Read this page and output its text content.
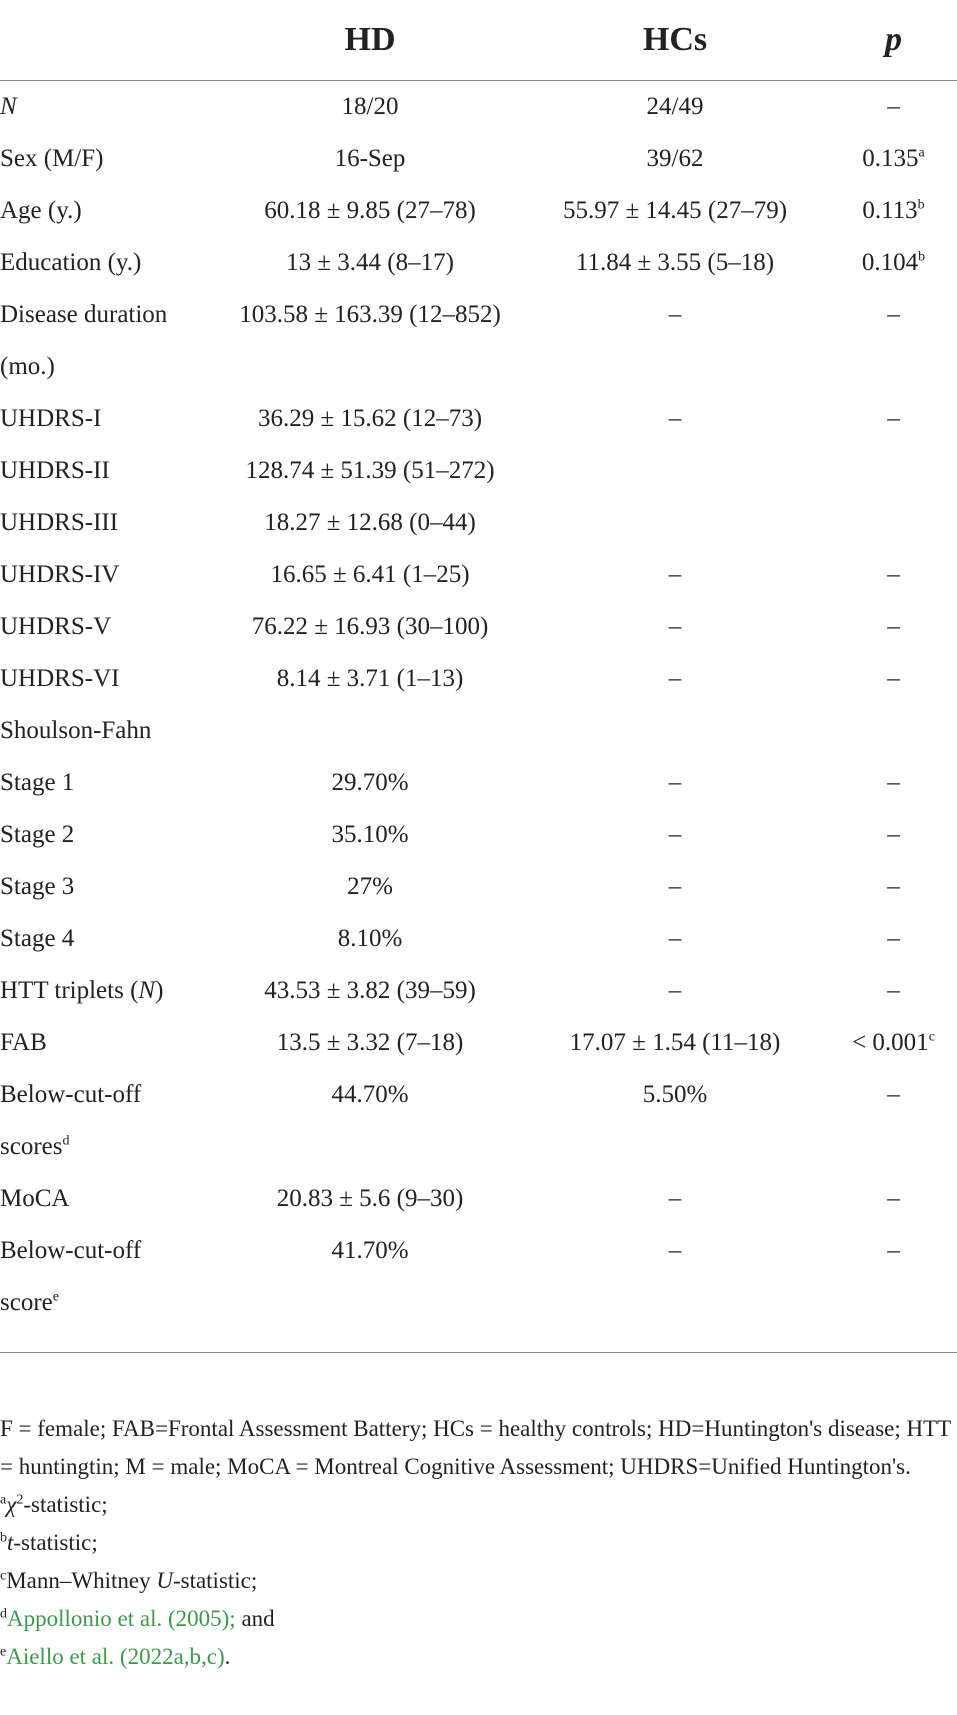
	HD	HCs	p
N	18/20	24/49	–
Sex (M/F)	16-Sep	39/62	0.135$^a$
Age (y.)	60.18 ± 9.85 (27–78)	55.97 ± 14.45 (27–79)	0.113$^b$
Education (y.)	13 ± 3.44 (8–17)	11.84 ± 3.55 (5–18)	0.104$^b$
Disease duration	103.58 ± 163.39 (12–852)	–	–
(mo.)			
UHDRS-I	36.29 ± 15.62 (12–73)	–	–
UHDRS-II	128.74 ± 51.39 (51–272)		
UHDRS-III	18.27 ± 12.68 (0–44)		
UHDRS-IV	16.65 ± 6.41 (1–25)	–	–
UHDRS-V	76.22 ± 16.93 (30–100)	–	–
UHDRS-VI	8.14 ± 3.71 (1–13)	–	–
Shoulson-Fahn			
Stage 1	29.70%	–	–
Stage 2	35.10%	–	–
Stage 3	27%	–	–
Stage 4	8.10%	–	–
HTT triplets (N)	43.53 ± 3.82 (39–59)	–	–
FAB	13.5 ± 3.32 (7–18)	17.07 ± 1.54 (11–18)	< 0.001$^c$
Below-cut-off	44.70%	5.50%	–
scores$^d$			
MoCA	20.83 ± 5.6 (9–30)	–	–
Below-cut-off	41.70%	–	–
score$^e$			

F = female; FAB=Frontal Assessment Battery; HCs = healthy controls; HD=Huntington's disease; HTT = huntingtin; M = male; MoCA = Montreal Cognitive Assessment; UHDRS=Unified Huntington's.

$^a\chi^2$-statistic;

$^b$t-statistic;

$^c$Mann–Whitney U-statistic;

$^d$Appollonio et al. (2005); and

$^e$Aiello et al. (2022a,b,c).
